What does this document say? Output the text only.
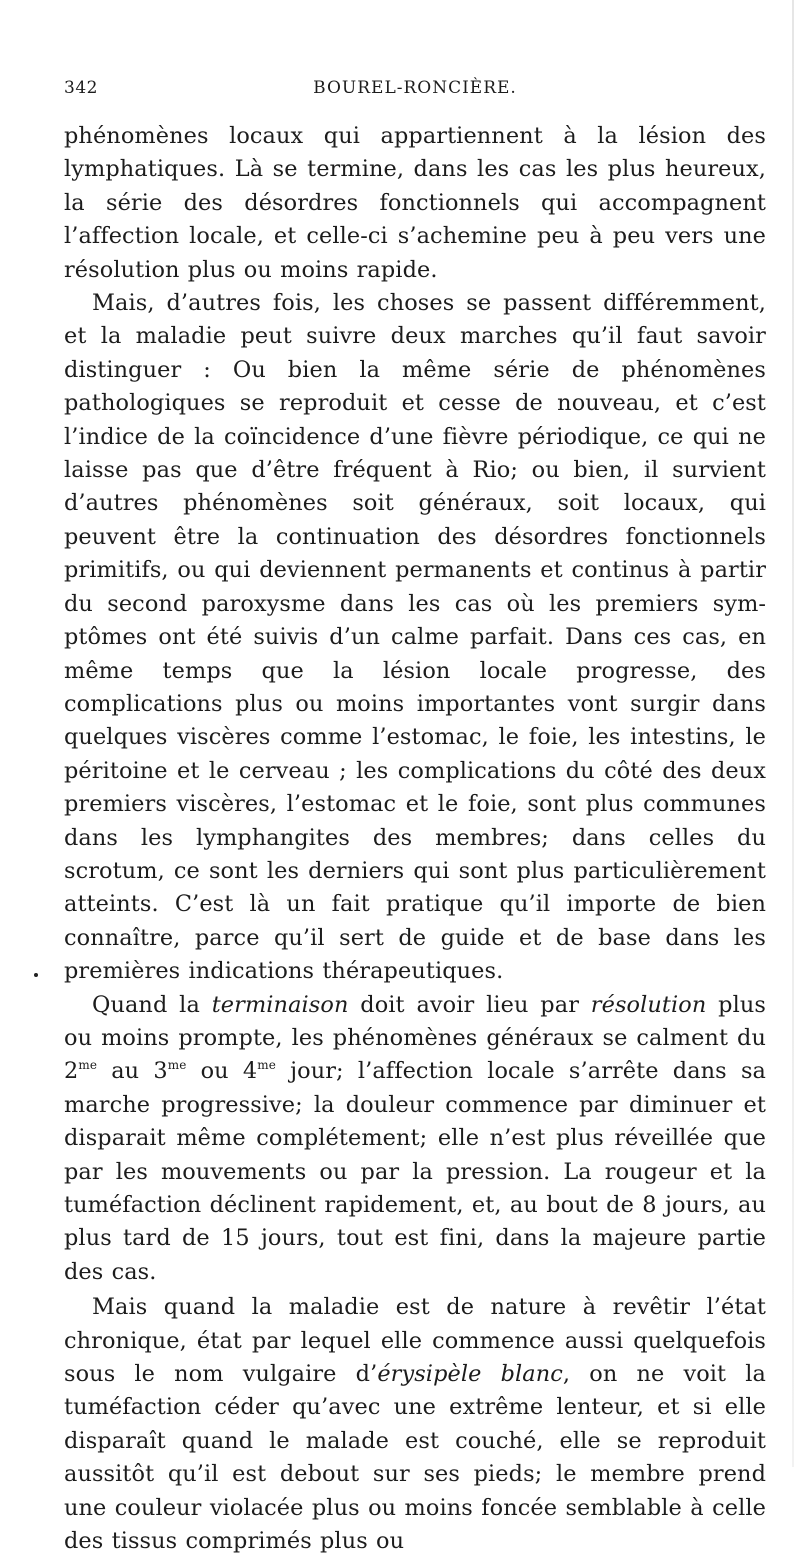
342	BOUREL-RONCIÈRE.

phénomènes locaux qui appartiennent à la lésion des lymphatiques. Là se termine, dans les cas les plus heureux, la série des désordres fonctionnels qui accompagnent l’affection locale, et celle-ci s’achemine peu à peu vers une résolution plus ou moins rapide.

Mais, d’autres fois, les choses se passent différemment, et la maladie peut suivre deux marches qu’il faut savoir distinguer : Ou bien la même série de phénomènes pathologiques se reproduit et cesse de nouveau, et c’est l’indice de la coïncidence d’une fièvre périodique, ce qui ne laisse pas que d’être fréquent à Rio; ou bien, il survient d’autres phénomènes soit généraux, soit locaux, qui peuvent être la continuation des désordres fonctionnels primitifs, ou qui deviennent permanents et continus à partir du second paroxysme dans les cas où les premiers symptômes ont été suivis d’un calme parfait. Dans ces cas, en même temps que la lésion locale progresse, des complications plus ou moins importantes vont surgir dans quelques viscères comme l’estomac, le foie, les intestins, le péritoine et le cerveau ; les complications du côté des deux premiers viscères, l’estomac et le foie, sont plus communes dans les lymphangites des membres; dans celles du scrotum, ce sont les derniers qui sont plus particulièrement atteints. C’est là un fait pratique qu’il importe de bien connaître, parce qu’il sert de guide et de base dans les premières indications thérapeutiques.

Quand la terminaison doit avoir lieu par résolution plus ou moins prompte, les phénomènes généraux se calment du $2^{me}$ au $3^{me}$ ou $4^{me}$ jour; l’affection locale s’arrête dans sa marche progressive; la douleur commence par diminuer et disparait même complétement; elle n’est plus réveillée que par les mouvements ou par la pression. La rougeur et la tuméfaction déclinent rapidement, et, au bout de 8 jours, au plus tard de 15 jours, tout est fini, dans la majeure partie des cas.

Mais quand la maladie est de nature à revêtir l’état chronique, état par lequel elle commence aussi quelquefois sous le nom vulgaire d’érysipèle blanc, on ne voit la tuméfaction céder qu’avec une extrême lenteur, et si elle disparaît quand le malade est couché, elle se reproduit aussitôt qu’il est debout sur ses pieds; le membre prend une couleur violacée plus ou moins foncée semblable à celle des tissus comprimés plus ou
